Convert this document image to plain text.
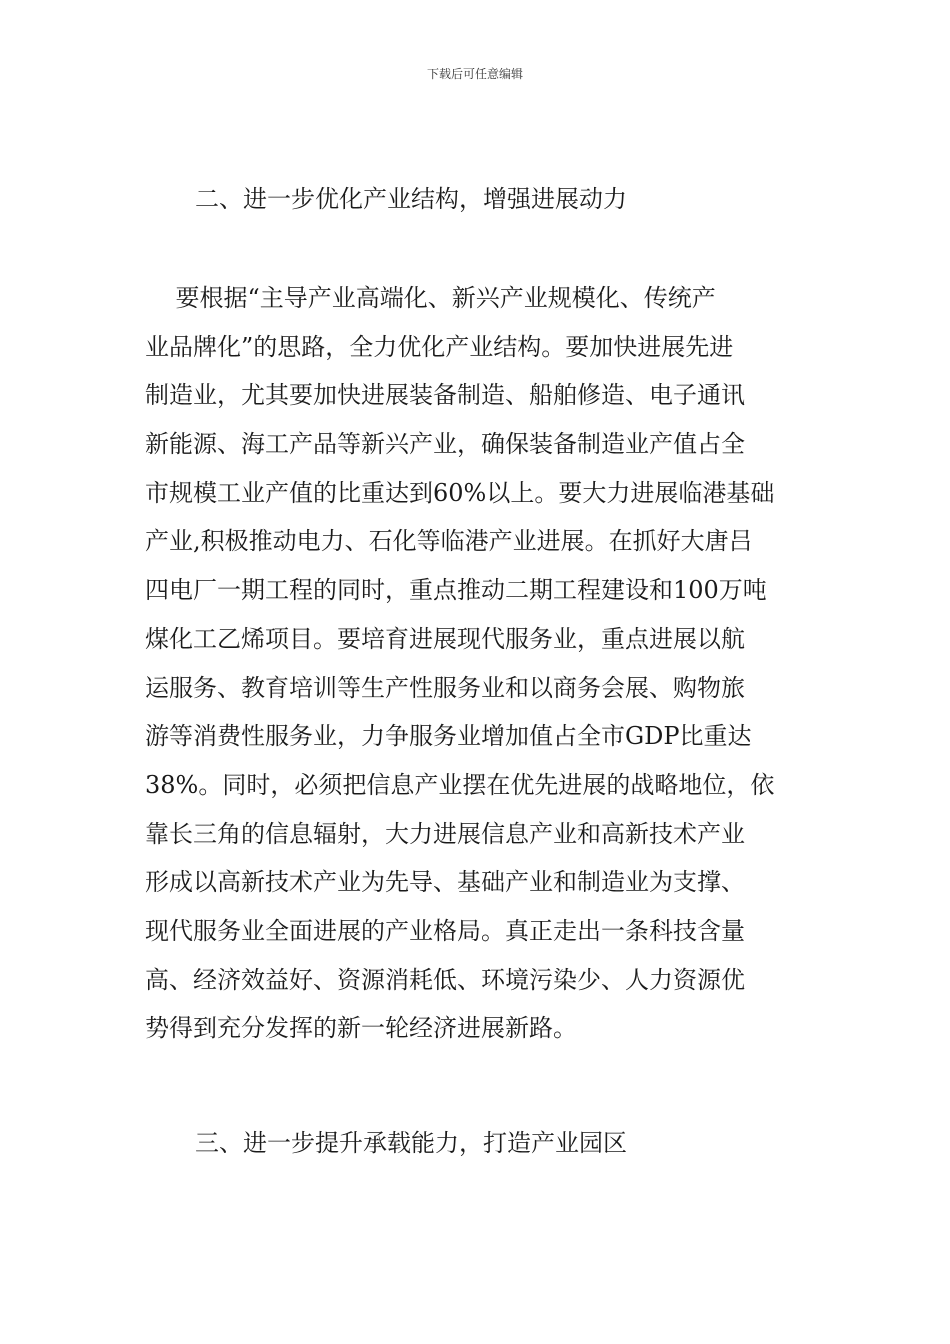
下载后可任意编辑
二、进一步优化产业结构，增强进展动力
要根据“主导产业高端化、新兴产业规模化、传统产
业品牌化”的思路，全力优化产业结构。要加快进展先进
制造业，尤其要加快进展装备制造、船舶修造、电子通讯
新能源、海工产品等新兴产业，确保装备制造业产值占全
市规模工业产值的比重达到60%以上。要大力进展临港基础
产业,积极推动电力、石化等临港产业进展。在抓好大唐吕
四电厂一期工程的同时，重点推动二期工程建设和100万吨
煤化工乙烯项目。要培育进展现代服务业，重点进展以航
运服务、教育培训等生产性服务业和以商务会展、购物旅
游等消费性服务业，力争服务业增加值占全市GDP比重达
38%。同时，必须把信息产业摆在优先进展的战略地位，依
靠长三角的信息辐射，大力进展信息产业和高新技术产业
形成以高新技术产业为先导、基础产业和制造业为支撑、
现代服务业全面进展的产业格局。真正走出一条科技含量
高、经济效益好、资源消耗低、环境污染少、人力资源优
势得到充分发挥的新一轮经济进展新路。
三、进一步提升承载能力，打造产业园区
